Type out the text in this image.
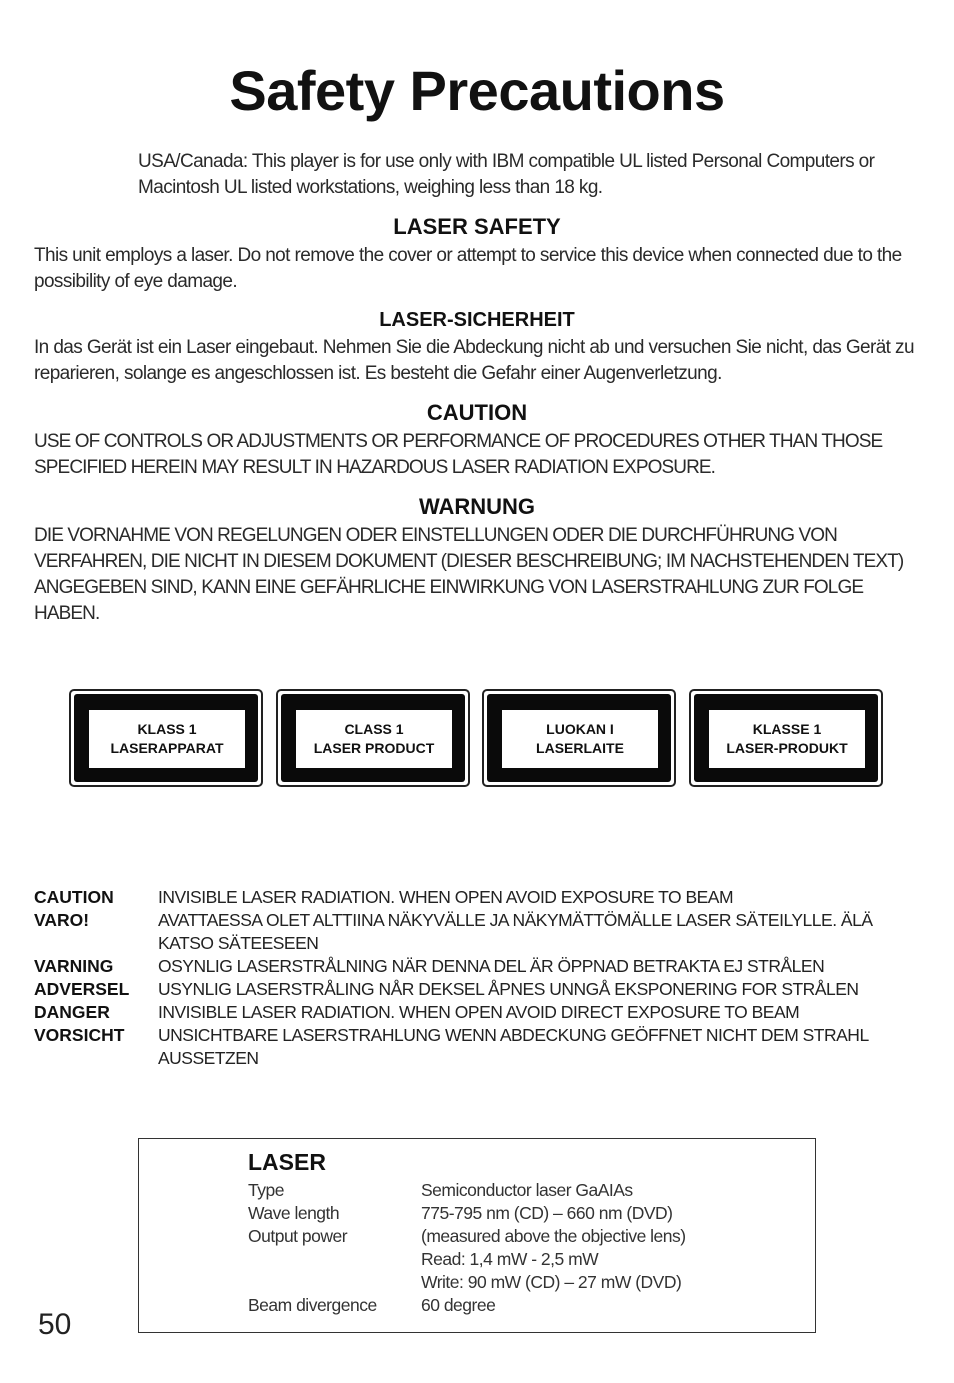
Safety Precautions
USA/Canada: This player is for use only with IBM compatible UL listed Personal Computers or Macintosh UL listed workstations, weighing less than 18 kg.
LASER SAFETY
This unit employs a laser. Do not remove the cover or attempt to service this device when connected due to the possibility of eye damage.
LASER-SICHERHEIT
In das Gerät ist ein Laser eingebaut. Nehmen Sie die Abdeckung nicht ab und versuchen Sie nicht, das Gerät zu reparieren, solange es angeschlossen ist. Es besteht die Gefahr einer Augenverletzung.
CAUTION
USE OF CONTROLS OR ADJUSTMENTS OR PERFORMANCE OF PROCEDURES OTHER THAN THOSE SPECIFIED HEREIN MAY RESULT IN HAZARDOUS LASER RADIATION EXPOSURE.
WARNUNG
DIE VORNAHME VON REGELUNGEN ODER EINSTELLUNGEN ODER DIE DURCHFÜHRUNG VON VERFAHREN, DIE NICHT IN DIESEM DOKUMENT (DIESER BESCHREIBUNG; IM NACHSTEHENDEN TEXT) ANGEGEBEN SIND, KANN EINE GEFÄHRLICHE EINWIRKUNG VON LASERSTRAHLUNG ZUR FOLGE HABEN.
KLASS 1
LASERAPPARAT
CLASS 1
LASER PRODUCT
LUOKAN I
LASERLAITE
KLASSE 1
LASER-PRODUKT
CAUTION	INVISIBLE LASER RADIATION. WHEN OPEN AVOID EXPOSURE TO BEAM
VARO!	AVATTAESSA OLET ALTTIINA NÄKYVÄLLE JA NÄKYMÄTTÖMÄLLE LASER SÄTEILYLLE. ÄLÄ KATSO SÄTEESEEN
VARNING	OSYNLIG LASERSTRÅLNING NÄR DENNA DEL ÄR ÖPPNAD BETRAKTA EJ STRÅLEN
ADVERSEL	USYNLIG LASERSTRÅLING NÅR DEKSEL ÅPNES UNNGÅ EKSPONERING FOR STRÅLEN
DANGER	INVISIBLE LASER RADIATION. WHEN OPEN AVOID DIRECT EXPOSURE TO BEAM
VORSICHT	UNSICHTBARE LASERSTRAHLUNG WENN ABDECKUNG GEÖFFNET NICHT DEM STRAHL AUSSETZEN
LASER
Type	Semiconductor laser GaAIAs
Wave length	775-795 nm (CD) – 660 nm (DVD)
Output power	(measured above the objective lens)
Read: 1,4 mW - 2,5 mW
Write: 90 mW (CD) – 27 mW (DVD)
Beam divergence	60 degree
50
